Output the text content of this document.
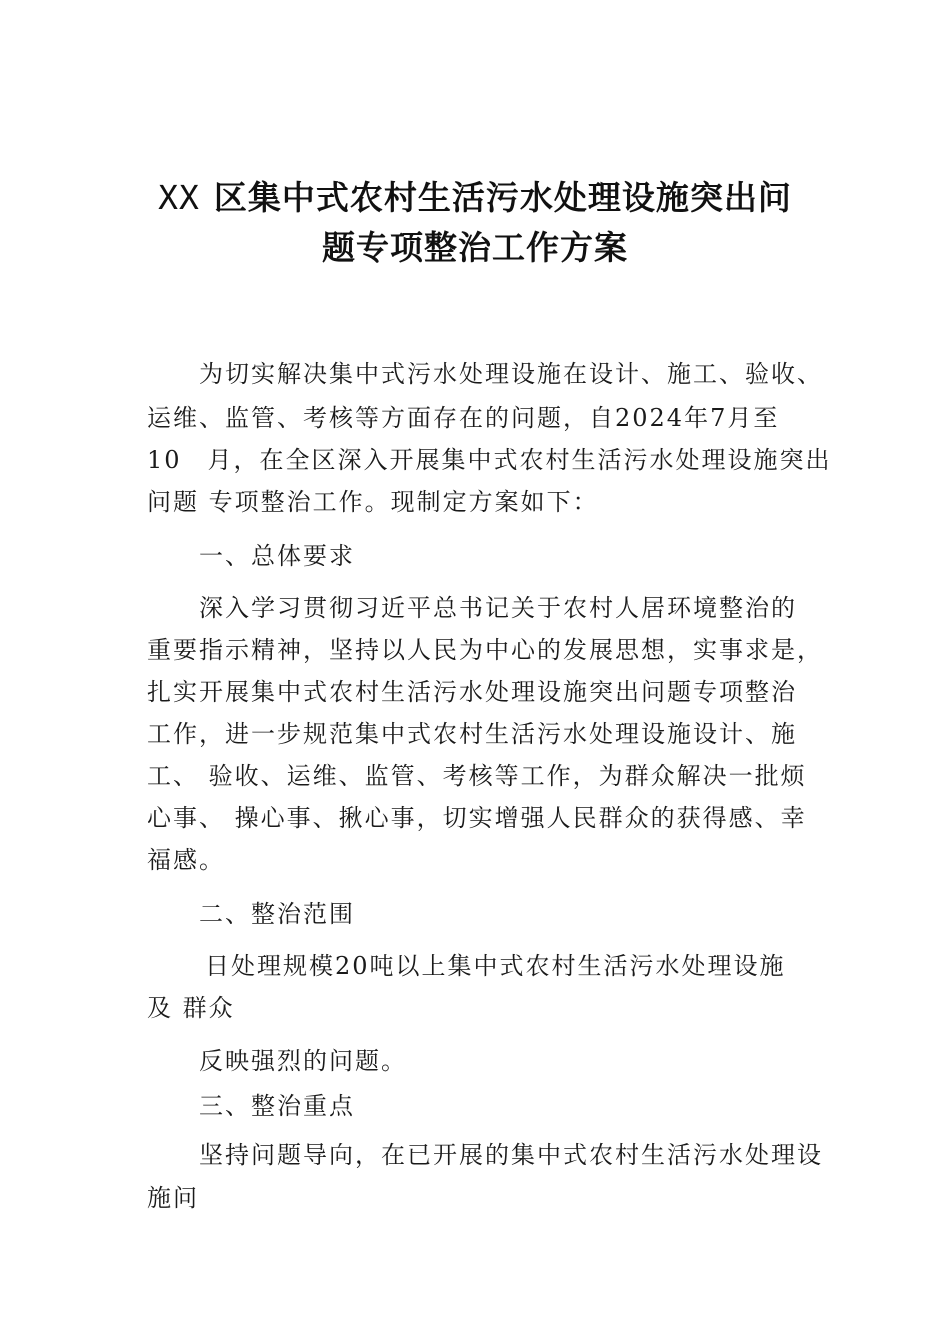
XX 区集中式农村生活污水处理设施突出问
题专项整治工作方案
为切实解决集中式污水处理设施在设计、施工、验收、
运维、监管、考核等方面存在的问题，自2024年7月至
10　月，在全区深入开展集中式农村生活污水处理设施突出
问题 专项整治工作。现制定方案如下：
一、总体要求
深入学习贯彻习近平总书记关于农村人居环境整治的
重要指示精神，坚持以人民为中心的发展思想，实事求是，
扎实开展集中式农村生活污水处理设施突出问题专项整治
工作，进一步规范集中式农村生活污水处理设施设计、施
工、 验收、运维、监管、考核等工作，为群众解决一批烦
心事、 操心事、揪心事，切实增强人民群众的获得感、幸
福感。
二、整治范围
日处理规模20吨以上集中式农村生活污水处理设施
及 群众
反映强烈的问题。
三、整治重点
坚持问题导向，在已开展的集中式农村生活污水处理设
施问
